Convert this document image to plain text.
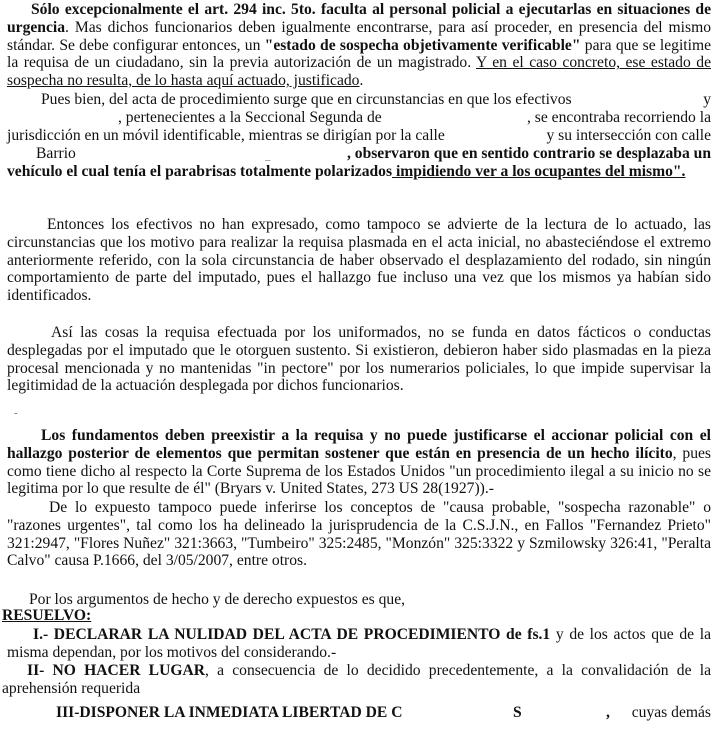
Sólo excepcionalmente el art. 294 inc. 5to. faculta al personal policial a ejecutarlas en situaciones de urgencia. Mas dichos funcionarios deben igualmente encontrarse, para así proceder, en presencia del mismo stándar. Se debe configurar entonces, un "estado de sospecha objetivamente verificable" para que se legitime la requisa de un ciudadano, sin la previa autorización de un magistrado. Y en el caso concreto, ese estado de sospecha no resulta, de lo hasta aquí actuado, justificado.

Pues bien, del acta de procedimiento surge que en circunstancias en que los efectivos	y

, pertenecientes a la Seccional Segunda de	, se encontraba recorriendo la

jurisdicción en un móvil identificable, mientras se dirigían por la calle	y su intersección con calle

Barrio	, observaron que en sentido contrario se desplazaba un

_

vehículo el cual tenía el parabrisas totalmente polarizados impidiendo ver a los ocupantes del mismo".

Entonces los efectivos no han expresado, como tampoco se advierte de la lectura de lo actuado, las circunstancias que los motivo para realizar la requisa plasmada en el acta inicial, no abasteciéndose el extremo anteriormente referido, con la sola circunstancia de haber observado el desplazamiento del rodado, sin ningún comportamiento de parte del imputado, pues el hallazgo fue incluso una vez que los mismos ya habían sido identificados.

Así las cosas la requisa efectuada por los uniformados, no se funda en datos fácticos o conductas desplegadas por el imputado que le otorguen sustento. Si existieron, debieron haber sido plasmadas en la pieza procesal mencionada y no mantenidas "in pectore" por los numerarios policiales, lo que impide supervisar la legitimidad de la actuación desplegada por dichos funcionarios.

-

Los fundamentos deben preexistir a la requisa y no puede justificarse el accionar policial con el hallazgo posterior de elementos que permitan sostener que están en presencia de un hecho ilícito, pues como tiene dicho al respecto la Corte Suprema de los Estados Unidos "un procedimiento ilegal a su inicio no se legitima por lo que resulte de él" (Bryars v. United States, 273 US 28(1927)).-

De lo expuesto tampoco puede inferirse los conceptos de "causa probable, "sospecha razonable" o "razones urgentes", tal como los ha delineado la jurisprudencia de la C.S.J.N., en Fallos "Fernandez Prieto" 321:2947, "Flores Nuñez" 321:3663, "Tumbeiro" 325:2485, "Monzón" 325:3322 y Szmilowsky 326:41, "Peralta Calvo" causa P.1666, del 3/05/2007, entre otros.

Por los argumentos de hecho y de derecho expuestos es que,

RESUELVO:

I.- DECLARAR LA NULIDAD DEL ACTA DE PROCEDIMIENTO de fs.1 y de los actos que de la misma dependan, por los motivos del considerando.-

II- NO HACER LUGAR, a consecuencia de lo decidido precedentemente, a la convalidación de la aprehensión requerida

III-DISPONER LA INMEDIATA LIBERTAD DE C	S	, cuyas demás
